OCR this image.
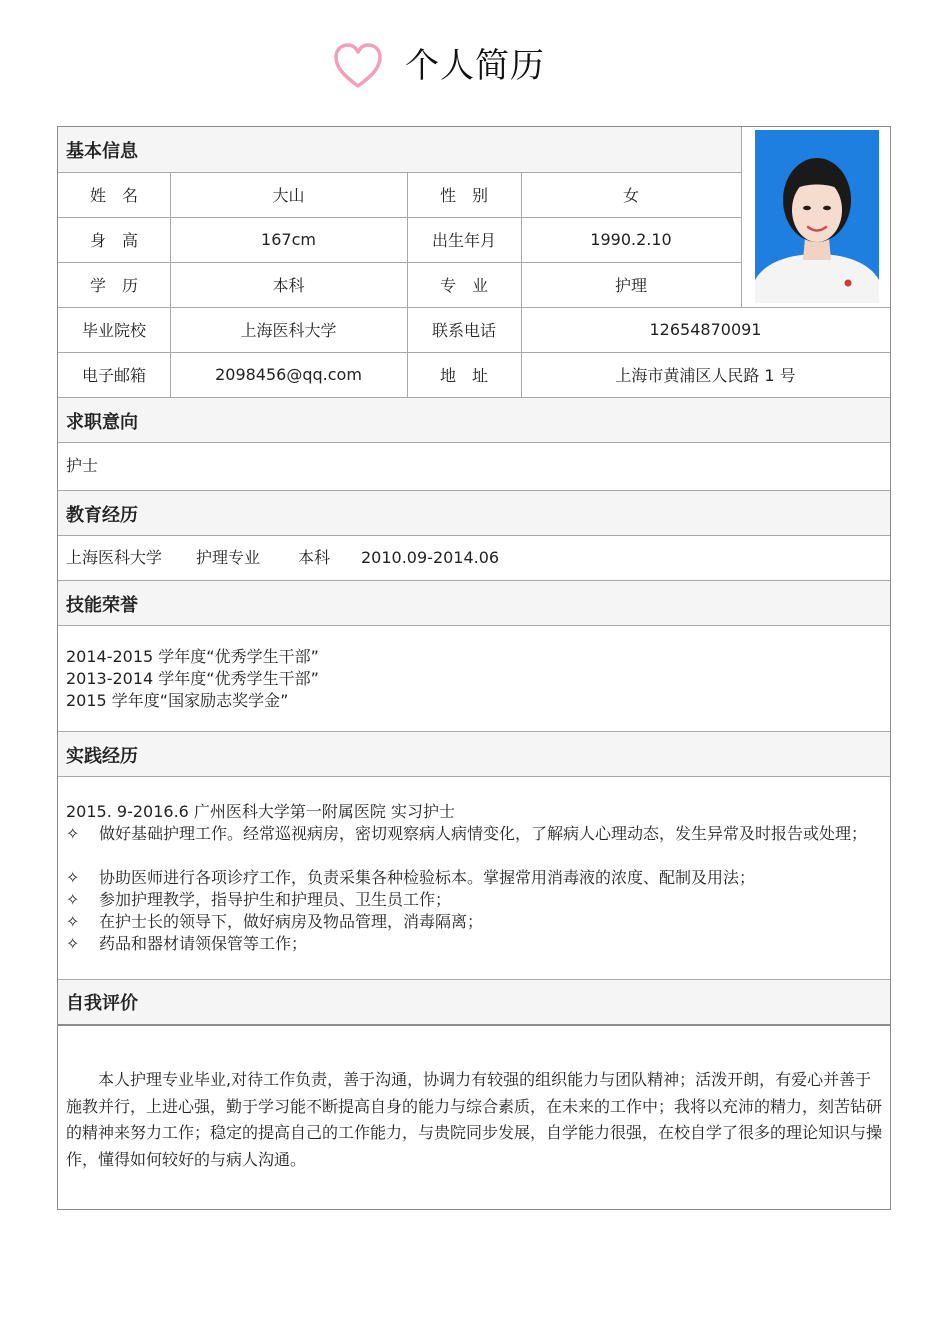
个人简历
基本信息
姓　名	大山	性　别	女
身　高	167cm	出生年月	1990.2.10
学　历	本科	专　业	护理
毕业院校	上海医科大学	联系电话	12654870091
电子邮箱	2098456@qq.com	地　址	上海市黄浦区人民路 1 号
求职意向
护士
教育经历
上海医科大学 护理专业 本科 2010.09-2014.06
技能荣誉
2014-2015 学年度“优秀学生干部”
2013-2014 学年度“优秀学生干部”
2015 学年度“国家励志奖学金”
实践经历
2015. 9-2016.6 广州医科大学第一附属医院 实习护士
✧ 做好基础护理工作。经常巡视病房，密切观察病人病情变化，了解病人心理动态，发生异常及时报告或处理；
✧ 协助医师进行各项诊疗工作，负责采集各种检验标本。掌握常用消毒液的浓度、配制及用法；
✧ 参加护理教学，指导护生和护理员、卫生员工作；
✧ 在护士长的领导下，做好病房及物品管理，消毒隔离；
✧ 药品和器材请领保管等工作；
自我评价
本人护理专业毕业,对待工作负责，善于沟通，协调力有较强的组织能力与团队精神；活泼开朗，有爱心并善于施教并行，上进心强，勤于学习能不断提高自身的能力与综合素质，在未来的工作中；我将以充沛的精力，刻苦钻研的精神来努力工作；稳定的提高自己的工作能力，与贵院同步发展，自学能力很强，在校自学了很多的理论知识与操作，懂得如何较好的与病人沟通。
